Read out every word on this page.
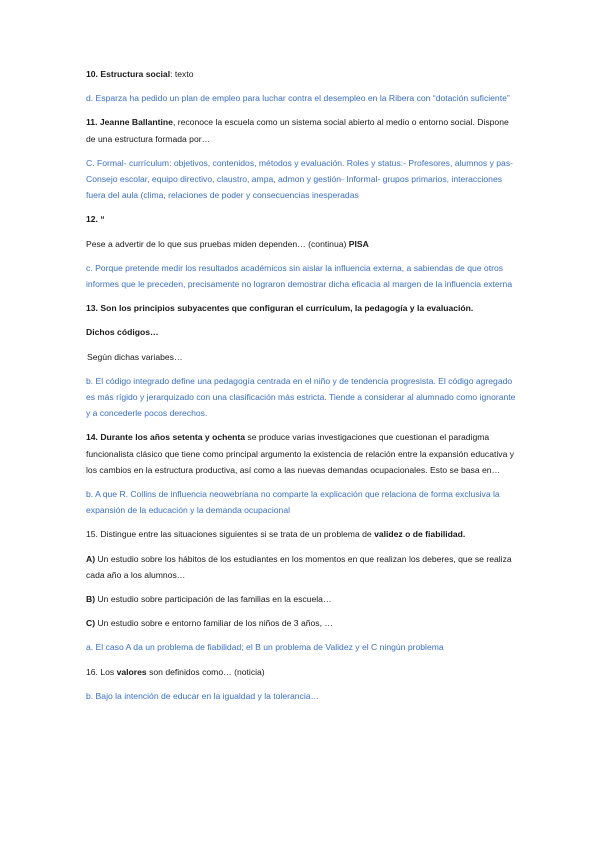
10. Estructura social: texto

d. Esparza ha pedido un plan de empleo para luchar contra el desempleo en la Ribera con “dotación suficiente”

11. Jeanne Ballantine, reconoce la escuela como un sistema social abierto al medio o entorno social. Dispone de una estructura formada por…

C. Formal- currículum: objetivos, contenidos, métodos y evaluación. Roles y status:- Profesores, alumnos y pas- Consejo escolar, equipo directivo, claustro, ampa, admon y gestión- Informal- grupos primarios, interacciones fuera del aula (clima, relaciones de poder y consecuencias inesperadas

12. “

Pese a advertir de lo que sus pruebas miden dependen… (continua) PISA

c. Porque pretende medir los resultados académicos sin aislar la influencia externa, a sabiendas de que otros informes que le preceden, precisamente no lograron demostrar dicha eficacia al margen de la influencia externa

13. Son los principios subyacentes que configuran el currículum, la pedagogía y la evaluación.

Dichos códigos…

Según dichas variabes…

b. El código integrado define una pedagogía centrada en el niño y de tendencia progresista. El código agregado es más rígido y jerarquizado con una clasificación más estricta. Tiende a considerar al alumnado como ignorante y a concederle pocos derechos.

14. Durante los años setenta y ochenta se produce varias investigaciones que cuestionan el paradigma funcionalista clásico que tiene como principal argumento la existencia de relación entre la expansión educativa y los cambios en la estructura productiva, así como a las nuevas demandas ocupacionales. Esto se basa en…

b. A que R. Collins de influencia neowebriana no comparte la explicación que relaciona de forma exclusiva la expansión de la educación y la demanda ocupacional

15. Distingue entre las situaciones siguientes si se trata de un problema de validez o de fiabilidad.

A) Un estudio sobre los hábitos de los estudiantes en los momentos en que realizan los deberes, que se realiza cada año a los alumnos…

B) Un estudio sobre participación de las familias en la escuela…

C) Un estudio sobre e entorno familiar de los niños de 3 años, …

a. El caso A da un problema de fiabilidad; el B un problema de Validez y el C ningún problema

16. Los valores son definidos como… (noticia)

b. Bajo la intención de educar en la igualdad y la tolerancia…
